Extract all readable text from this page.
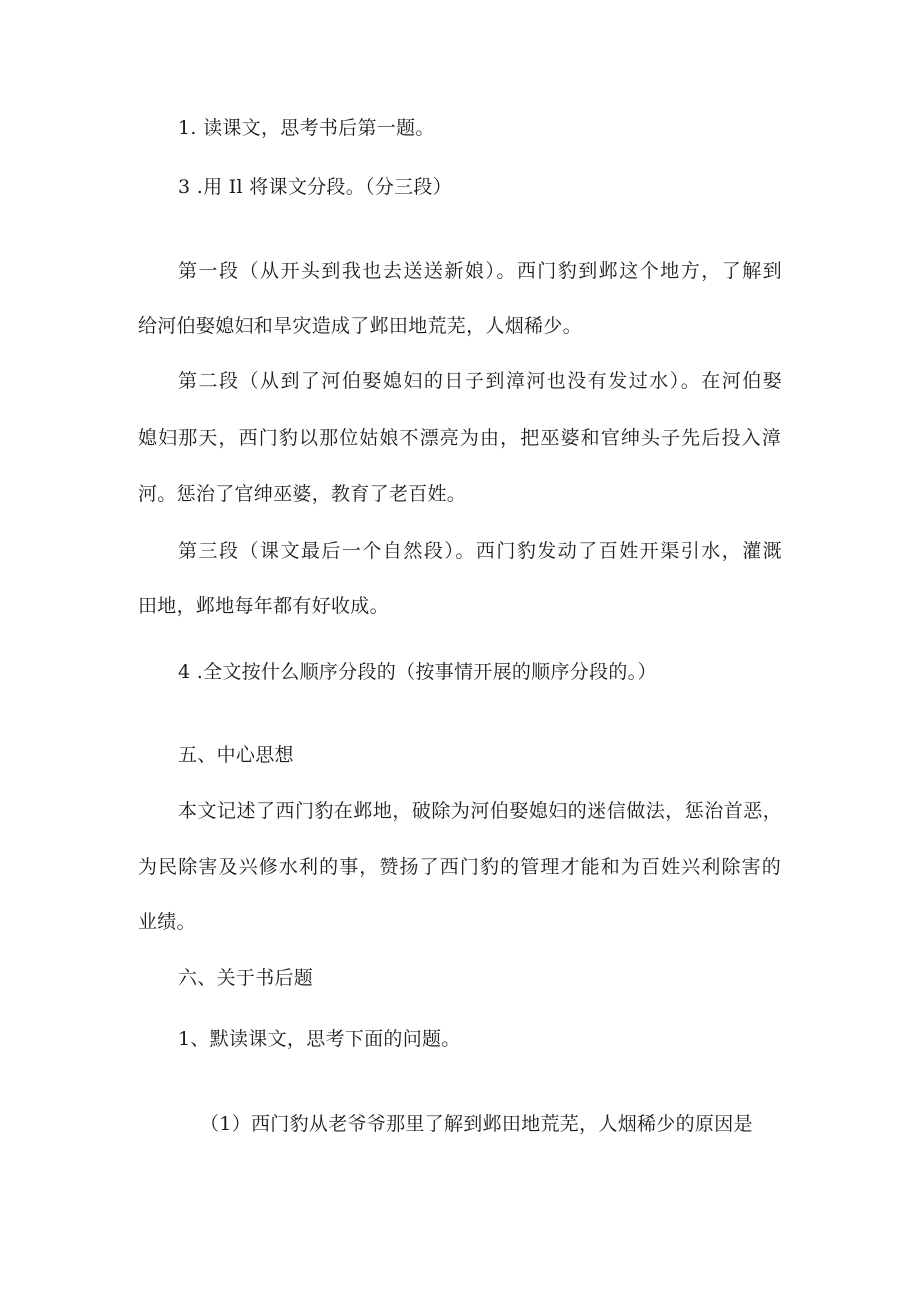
1. 读课文，思考书后第一题。

3 .用 Il 将课文分段。（分三段）

第一段（从开头到我也去送送新娘）。西门豹到邺这个地方，了解到

给河伯娶媳妇和旱灾造成了邺田地荒芜，人烟稀少。

第二段（从到了河伯娶媳妇的日子到漳河也没有发过水）。在河伯娶

媳妇那天，西门豹以那位姑娘不漂亮为由，把巫婆和官绅头子先后投入漳

河。惩治了官绅巫婆，教育了老百姓。

第三段（课文最后一个自然段）。西门豹发动了百姓开渠引水，灌溉

田地，邺地每年都有好收成。

4 .全文按什么顺序分段的（按事情开展的顺序分段的。）

五、中心思想

本文记述了西门豹在邺地，破除为河伯娶媳妇的迷信做法，惩治首恶，

为民除害及兴修水利的事，赞扬了西门豹的管理才能和为百姓兴利除害的

业绩。

六、关于书后题

1、默读课文，思考下面的问题。

（1）西门豹从老爷爷那里了解到邺田地荒芜，人烟稀少的原因是
